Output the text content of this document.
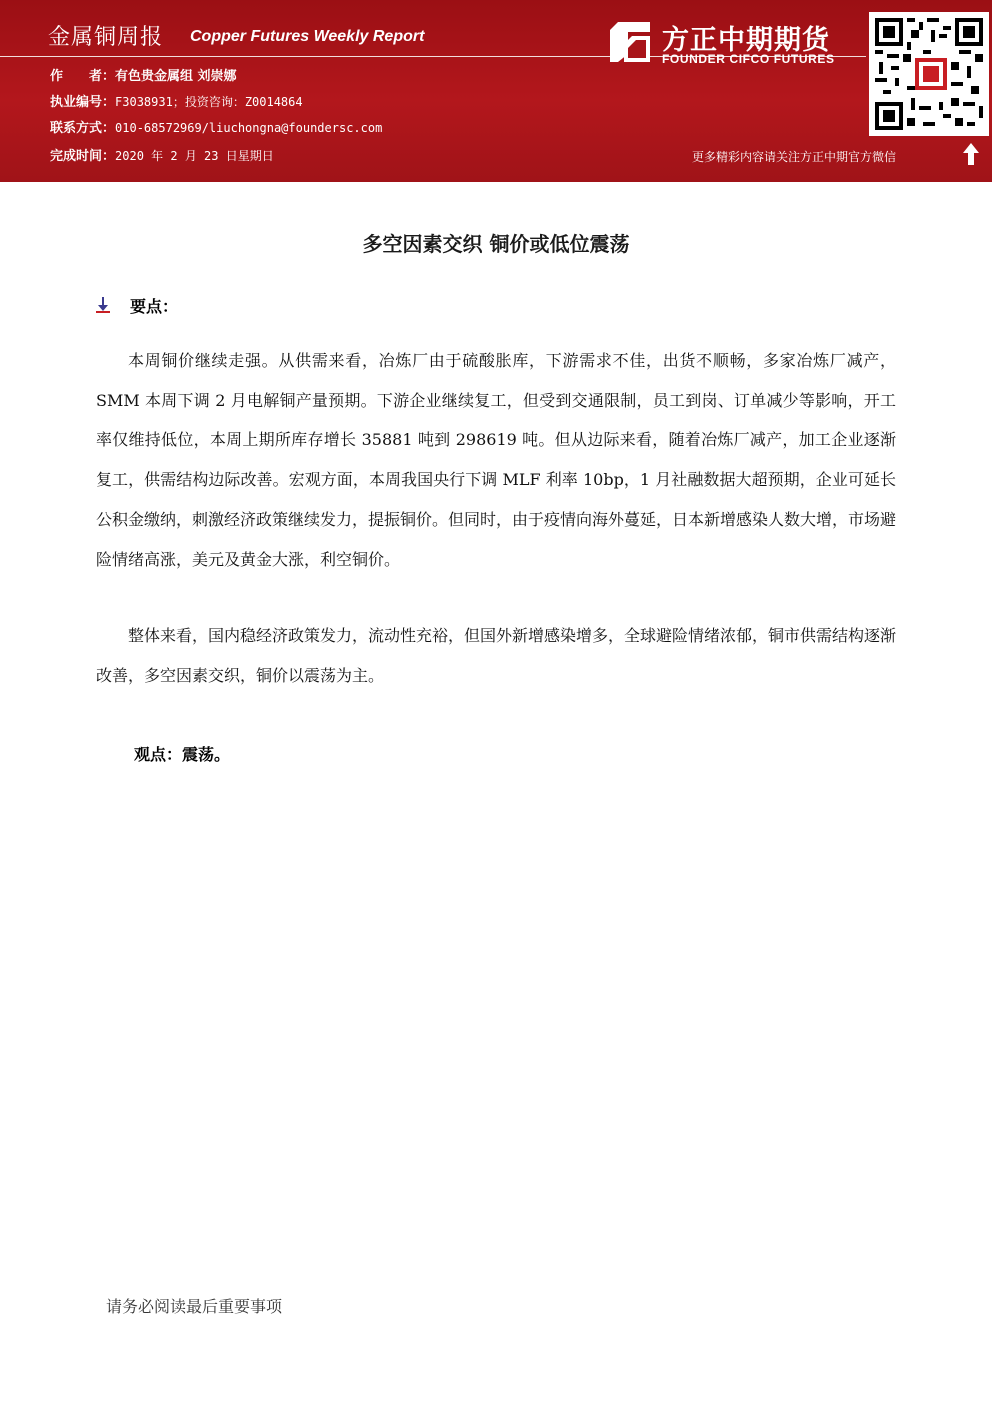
金属铜周报 Copper Futures Weekly Report
作　　者：有色贵金属组 刘崇娜
执业编号：F3038931；投资咨询：Z0014864
联系方式：010-68572969/liuchongna@foundersc.com
完成时间：2020 年 2 月 23 日星期日
方正中期期货
FOUNDER CIFCO FUTURES
更多精彩内容请关注方正中期官方微信
多空因素交织 铜价或低位震荡
要点：

本周铜价继续走强。从供需来看，冶炼厂由于硫酸胀库，下游需求不佳，出货不顺畅，多家冶炼厂减产，SMM 本周下调 2 月电解铜产量预期。下游企业继续复工，但受到交通限制，员工到岗、订单减少等影响，开工率仅维持低位，本周上期所库存增长 35881 吨到 298619 吨。但从边际来看，随着冶炼厂减产，加工企业逐渐复工，供需结构边际改善。宏观方面，本周我国央行下调 MLF 利率 10bp，1 月社融数据大超预期，企业可延长公积金缴纳，刺激经济政策继续发力，提振铜价。但同时，由于疫情向海外蔓延，日本新增感染人数大增，市场避险情绪高涨，美元及黄金大涨，利空铜价。

整体来看，国内稳经济政策发力，流动性充裕，但国外新增感染增多，全球避险情绪浓郁，铜市供需结构逐渐改善，多空因素交织，铜价以震荡为主。

观点：震荡。
请务必阅读最后重要事项
